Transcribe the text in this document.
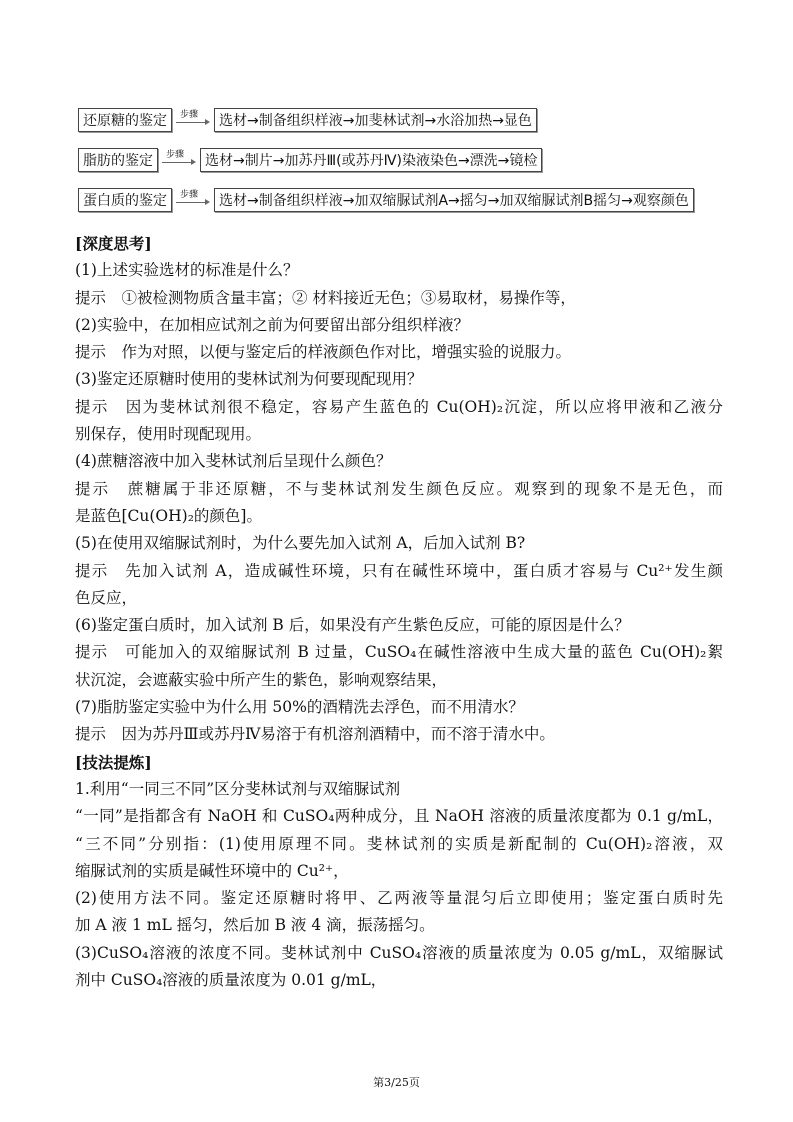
还原糖的鉴定	步骤	选材→制备组织样液→加斐林试剂→水浴加热→显色
脂肪的鉴定	步骤	选材→制片→加苏丹Ⅲ(或苏丹Ⅳ)染液染色→漂洗→镜检
蛋白质的鉴定	步骤	选材→制备组织样液→加双缩脲试剂A→摇匀→加双缩脲试剂B摇匀→观察颜色
[深度思考]
(1)上述实验选材的标准是什么？
提示　①被检测物质含量丰富；② 材料接近无色；③易取材，易操作等，
(2)实验中，在加相应试剂之前为何要留出部分组织样液？
提示　作为对照，以便与鉴定后的样液颜色作对比，增强实验的说服力。
(3)鉴定还原糖时使用的斐林试剂为何要现配现用？
提示　因为斐林试剂很不稳定，容易产生蓝色的 Cu(OH)₂沉淀，所以应将甲液和乙液分
别保存，使用时现配现用。
(4)蔗糖溶液中加入斐林试剂后呈现什么颜色？
提示　蔗糖属于非还原糖，不与斐林试剂发生颜色反应。观察到的现象不是无色，而
是蓝色[Cu(OH)₂的颜色]。
(5)在使用双缩脲试剂时，为什么要先加入试剂 A，后加入试剂 B?
提示　先加入试剂 A，造成碱性环境，只有在碱性环境中，蛋白质才容易与 Cu²⁺发生颜
色反应，
(6)鉴定蛋白质时，加入试剂 B 后，如果没有产生紫色反应，可能的原因是什么？
提示　可能加入的双缩脲试剂 B 过量，CuSO₄在碱性溶液中生成大量的蓝色 Cu(OH)₂絮
状沉淀，会遮蔽实验中所产生的紫色，影响观察结果，
(7)脂肪鉴定实验中为什么用 50%的酒精洗去浮色，而不用清水？
提示　因为苏丹Ⅲ或苏丹Ⅳ易溶于有机溶剂酒精中，而不溶于清水中。
[技法提炼]
1.利用“一同三不同”区分斐林试剂与双缩脲试剂
“一同”是指都含有 NaOH 和 CuSO₄两种成分，且 NaOH 溶液的质量浓度都为 0.1 g/mL，
“三不同”分别指：(1)使用原理不同。斐林试剂的实质是新配制的 Cu(OH)₂溶液，双
缩脲试剂的实质是碱性环境中的 Cu²⁺，
(2)使用方法不同。鉴定还原糖时将甲、乙两液等量混匀后立即使用；鉴定蛋白质时先
加 A 液 1 mL 摇匀，然后加 B 液 4 滴，振荡摇匀。
(3)CuSO₄溶液的浓度不同。斐林试剂中 CuSO₄溶液的质量浓度为 0.05 g/mL，双缩脲试
剂中 CuSO₄溶液的质量浓度为 0.01 g/mL，
第3/25页
